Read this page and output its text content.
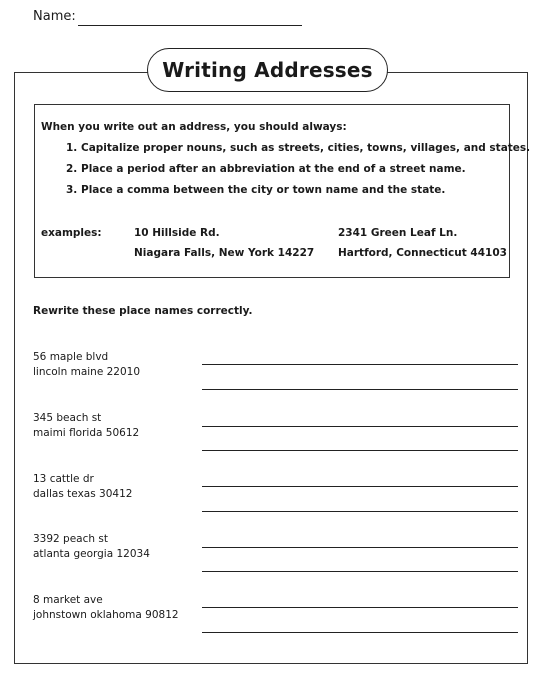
Name:
Writing Addresses
When you write out an address, you should always:
1. Capitalize proper nouns, such as streets, cities, towns, villages, and states.
2. Place a period after an abbreviation at the end of a street name.
3. Place a comma between the city or town name and the state.
examples:	10 Hillside Rd.
Niagara Falls, New York 14227
2341 Green Leaf Ln.
Hartford, Connecticut 44103
Rewrite these place names correctly.
56 maple blvd
lincoln maine 22010
345 beach st
maimi florida 50612
13 cattle dr
dallas texas 30412
3392 peach st
atlanta georgia 12034
8 market ave
johnstown oklahoma 90812
